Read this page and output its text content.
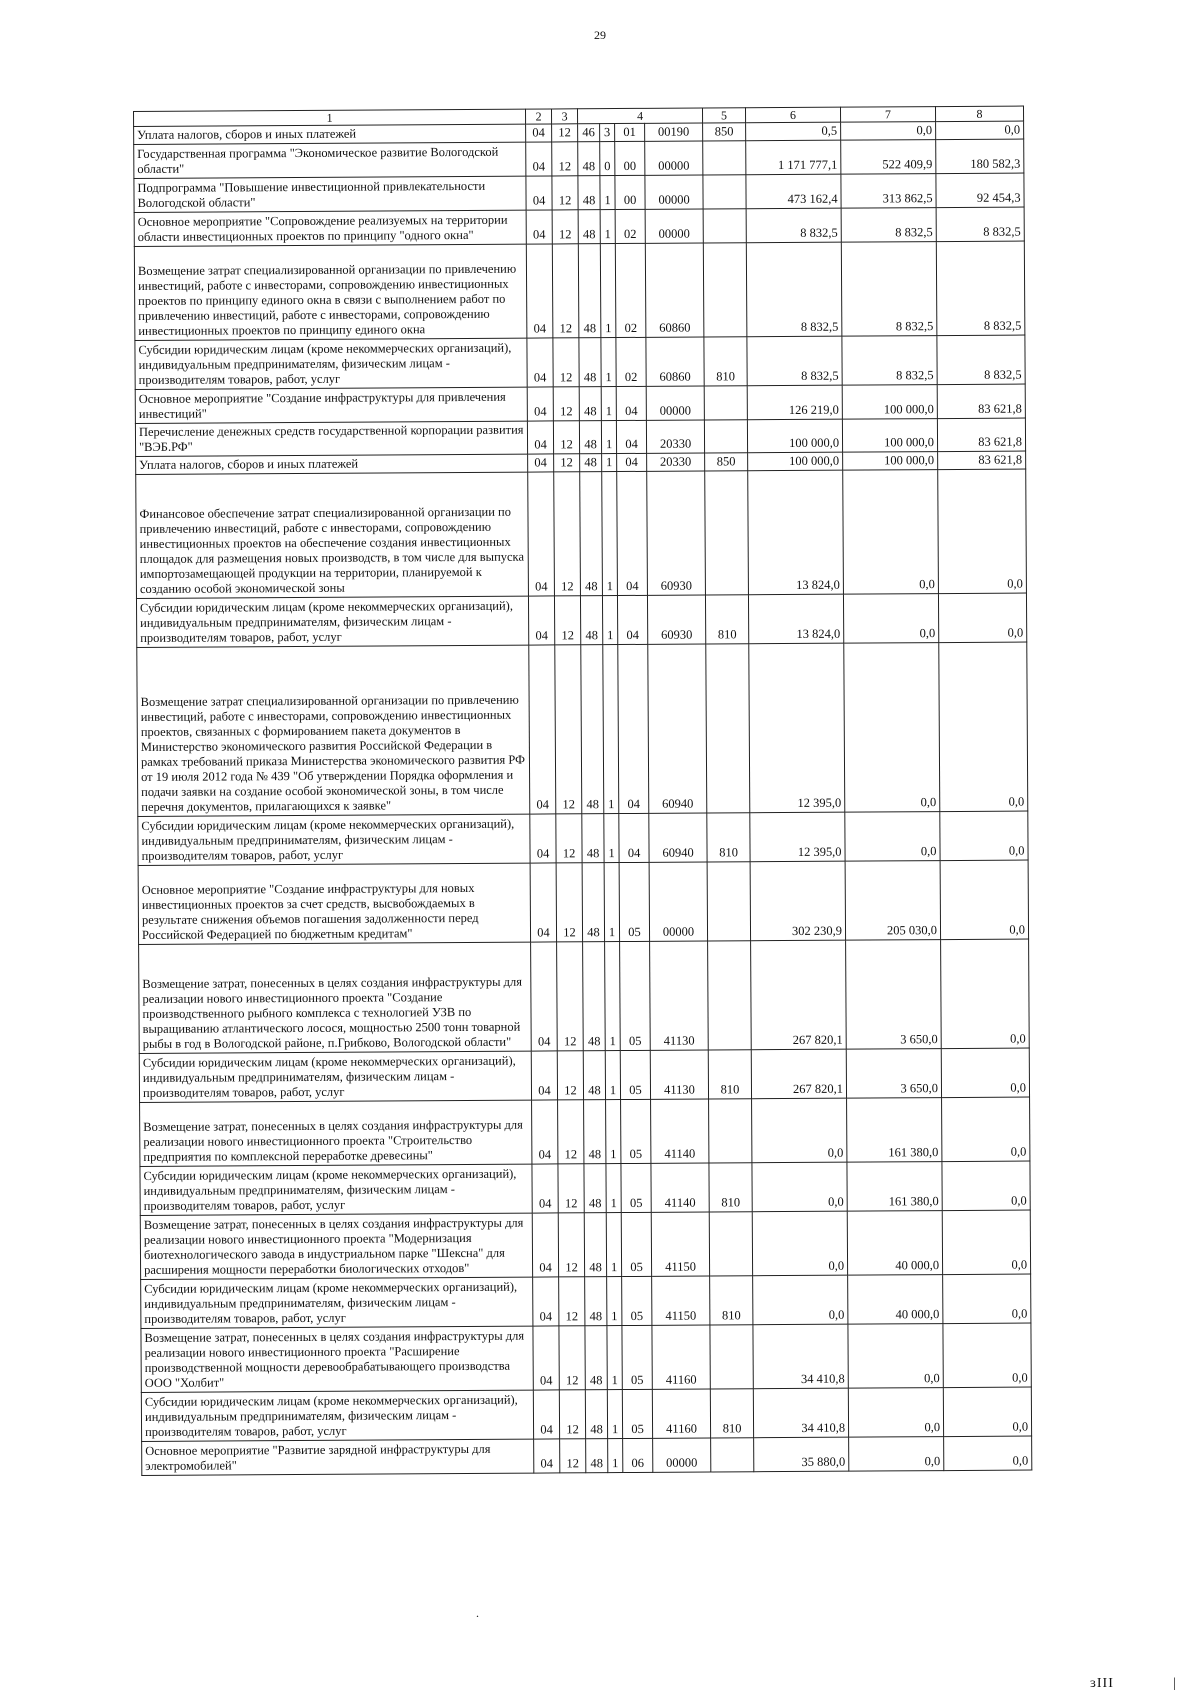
29
1	2	3	4				5	6	7	8
Уплата налогов, сборов и иных платежей	04	12	46	3	01	00190	850	0,5	0,0	0,0
Государственная программа "Экономическое развитие Вологодской области"	04	12	48	0	00	00000		1 171 777,1	522 409,9	180 582,3
Подпрограмма "Повышение инвестиционной привлекательности Вологодской области"	04	12	48	1	00	00000		473 162,4	313 862,5	92 454,3
Основное мероприятие "Сопровождение реализуемых на территории области инвестиционных проектов по принципу "одного окна"	04	12	48	1	02	00000		8 832,5	8 832,5	8 832,5
Возмещение затрат специализированной организации по привлечению инвестиций, работе с инвесторами, сопровождению инвестиционных проектов по принципу единого окна в связи с выполнением работ по привлечению инвестиций, работе с инвесторами, сопровождению инвестиционных проектов по принципу единого окна	04	12	48	1	02	60860		8 832,5	8 832,5	8 832,5
Субсидии юридическим лицам (кроме некоммерческих организаций), индивидуальным предпринимателям, физическим лицам - производителям товаров, работ, услуг	04	12	48	1	02	60860	810	8 832,5	8 832,5	8 832,5
Основное мероприятие "Создание инфраструктуры для привлечения инвестиций"	04	12	48	1	04	00000		126 219,0	100 000,0	83 621,8
Перечисление денежных средств государственной корпорации развития "ВЭБ.РФ"	04	12	48	1	04	20330		100 000,0	100 000,0	83 621,8
Уплата налогов, сборов и иных платежей	04	12	48	1	04	20330	850	100 000,0	100 000,0	83 621,8
Финансовое обеспечение затрат специализированной организации по привлечению инвестиций, работе с инвесторами, сопровождению инвестиционных проектов на обеспечение создания инвестиционных площадок для размещения новых производств, в том числе для выпуска импортозамещающей продукции на территории, планируемой к созданию особой экономической зоны	04	12	48	1	04	60930		13 824,0	0,0	0,0
Субсидии юридическим лицам (кроме некоммерческих организаций), индивидуальным предпринимателям, физическим лицам - производителям товаров, работ, услуг	04	12	48	1	04	60930	810	13 824,0	0,0	0,0
Возмещение затрат специализированной организации по привлечению инвестиций, работе с инвесторами, сопровождению инвестиционных проектов, связанных с формированием пакета документов в Министерство экономического развития Российской Федерации в рамках требований приказа Министерства экономического развития РФ от 19 июля 2012 года № 439 "Об утверждении Порядка оформления и подачи заявки на создание особой экономической зоны, в том числе перечня документов, прилагающихся к заявке"	04	12	48	1	04	60940		12 395,0	0,0	0,0
Субсидии юридическим лицам (кроме некоммерческих организаций), индивидуальным предпринимателям, физическим лицам - производителям товаров, работ, услуг	04	12	48	1	04	60940	810	12 395,0	0,0	0,0
Основное мероприятие "Создание инфраструктуры для новых инвестиционных проектов за счет средств, высвобождаемых в результате снижения объемов погашения задолженности перед Российской Федерацией по бюджетным кредитам"	04	12	48	1	05	00000		302 230,9	205 030,0	0,0
Возмещение затрат, понесенных в целях создания инфраструктуры для реализации нового инвестиционного проекта "Создание производственного рыбного комплекса с технологией УЗВ по выращиванию атлантического лосося, мощностью 2500 тонн товарной рыбы в год в Вологодской районе, п.Грибково, Вологодской области"	04	12	48	1	05	41130		267 820,1	3 650,0	0,0
Субсидии юридическим лицам (кроме некоммерческих организаций), индивидуальным предпринимателям, физическим лицам - производителям товаров, работ, услуг	04	12	48	1	05	41130	810	267 820,1	3 650,0	0,0
Возмещение затрат, понесенных в целях создания инфраструктуры для реализации нового инвестиционного проекта "Строительство предприятия по комплексной переработке древесины"	04	12	48	1	05	41140		0,0	161 380,0	0,0
Субсидии юридическим лицам (кроме некоммерческих организаций), индивидуальным предпринимателям, физическим лицам - производителям товаров, работ, услуг	04	12	48	1	05	41140	810	0,0	161 380,0	0,0
Возмещение затрат, понесенных в целях создания инфраструктуры для реализации нового инвестиционного проекта "Модернизация биотехнологического завода в индустриальном парке "Шексна" для расширения мощности переработки биологических отходов"	04	12	48	1	05	41150		0,0	40 000,0	0,0
Субсидии юридическим лицам (кроме некоммерческих организаций), индивидуальным предпринимателям, физическим лицам - производителям товаров, работ, услуг	04	12	48	1	05	41150	810	0,0	40 000,0	0,0
Возмещение затрат, понесенных в целях создания инфраструктуры для реализации нового инвестиционного проекта "Расширение производственной мощности деревообрабатывающего производства ООО "Холбит"	04	12	48	1	05	41160		34 410,8	0,0	0,0
Субсидии юридическим лицам (кроме некоммерческих организаций), индивидуальным предпринимателям, физическим лицам - производителям товаров, работ, услуг	04	12	48	1	05	41160	810	34 410,8	0,0	0,0
Основное мероприятие "Развитие зарядной инфраструктуры для электромобилей"	04	12	48	1	06	00000		35 880,0	0,0	0,0
.
ɜIII	|
